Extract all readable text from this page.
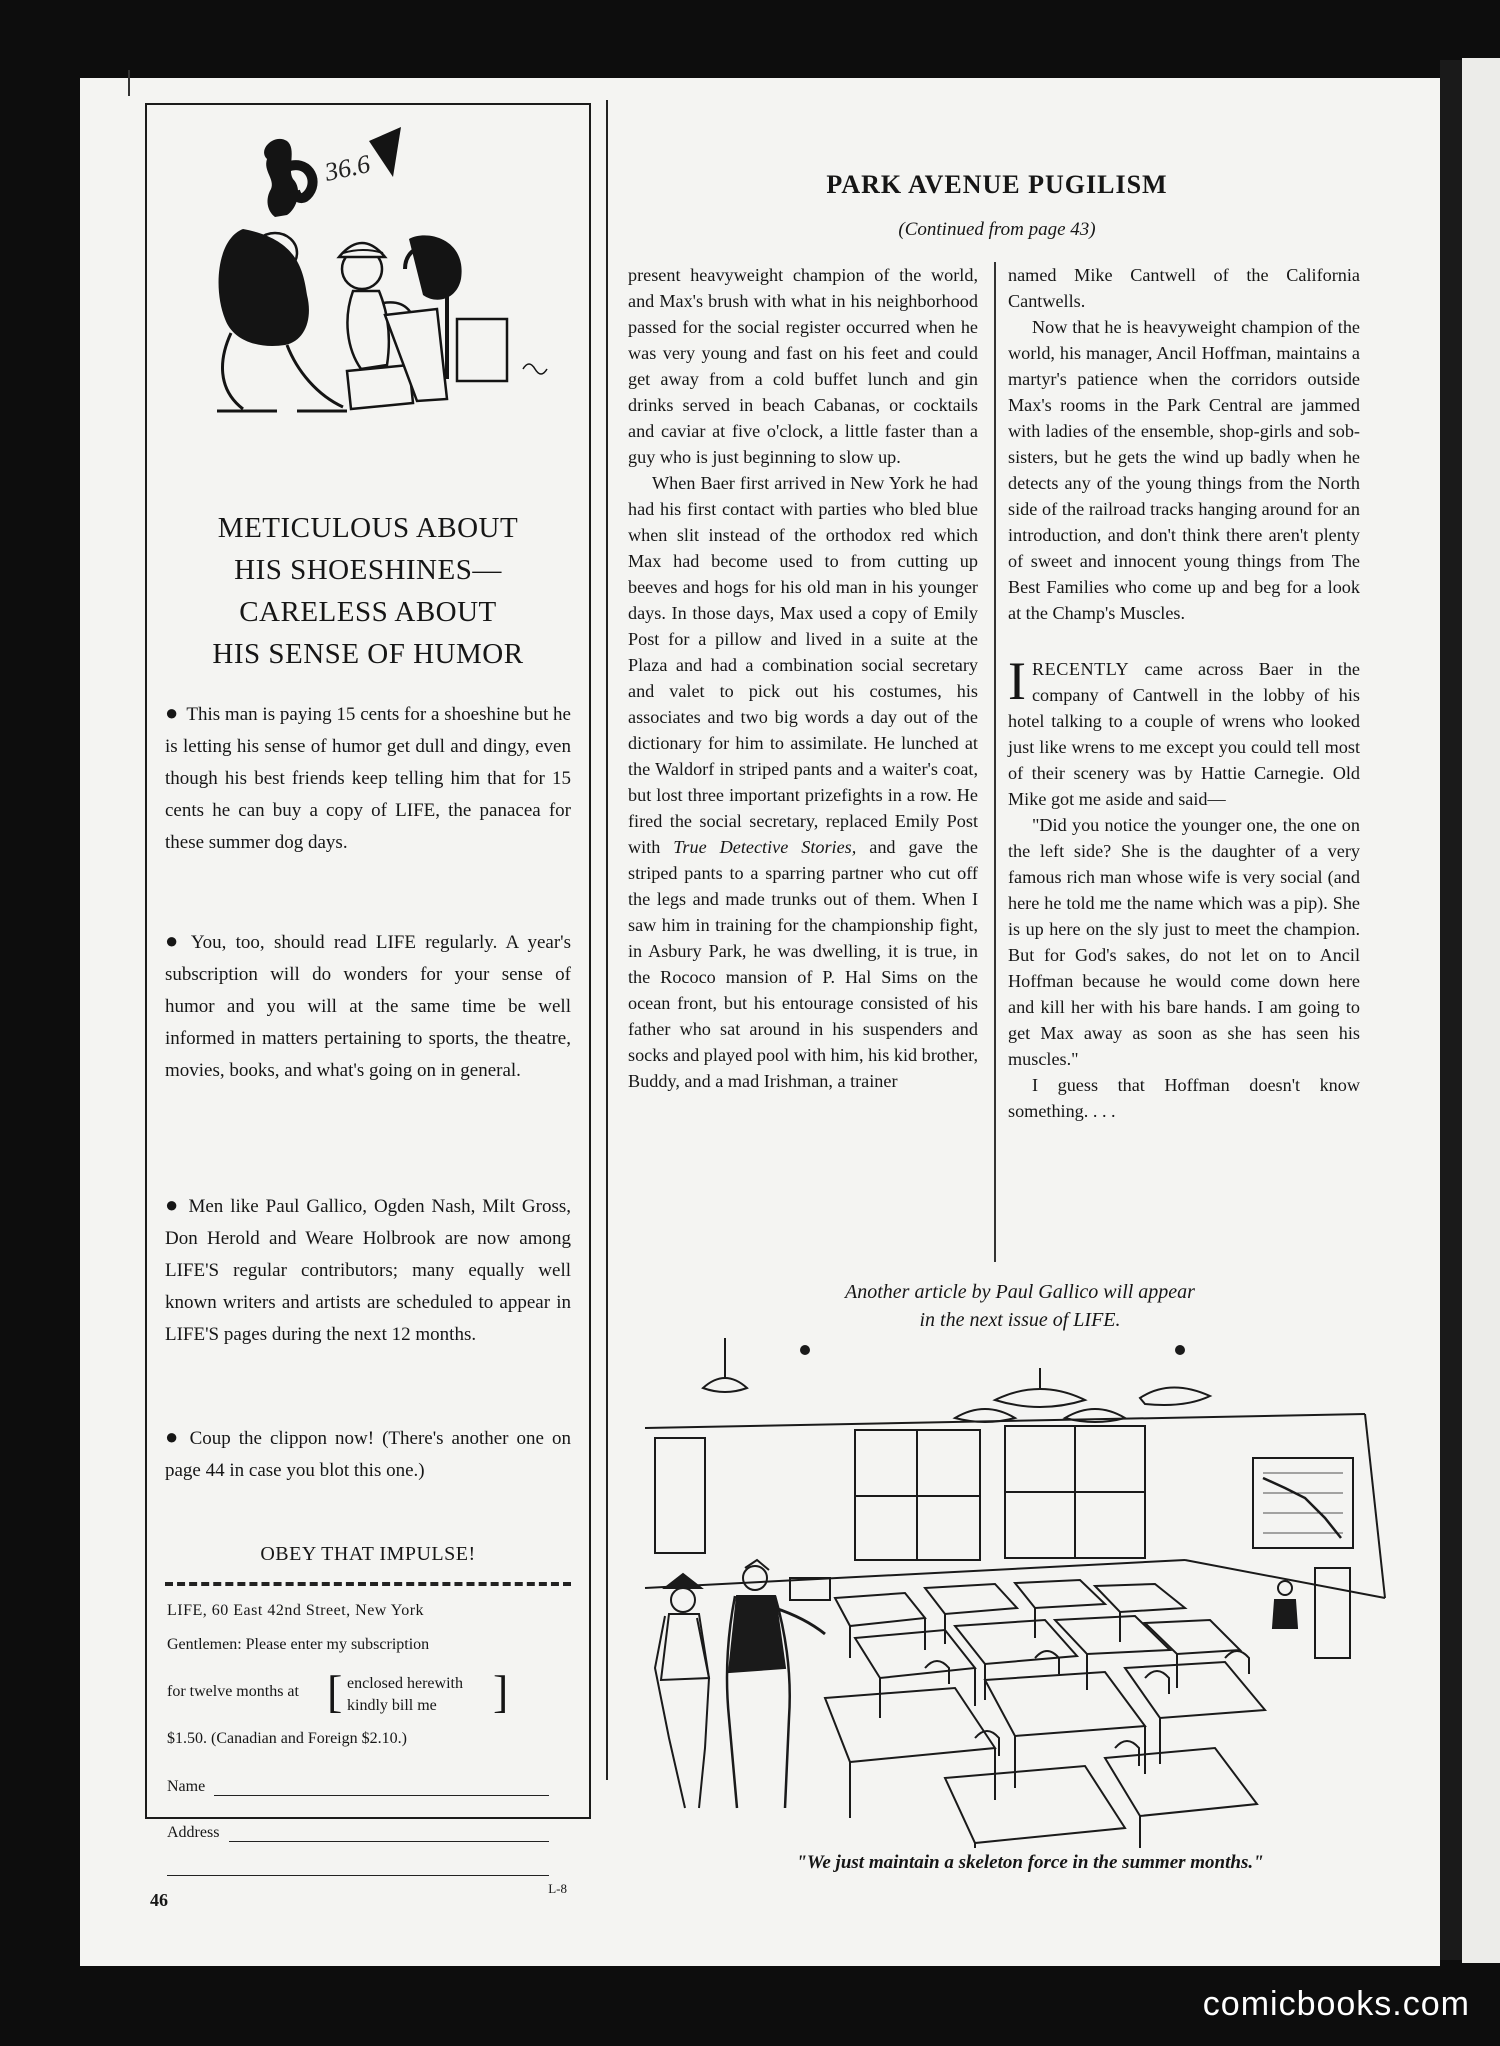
36.6
METICULOUS ABOUT
HIS SHOESHINES—
CARELESS ABOUT
HIS SENSE OF HUMOR
● This man is paying 15 cents for a shoeshine but he is letting his sense of humor get dull and dingy, even though his best friends keep telling him that for 15 cents he can buy a copy of LIFE, the panacea for these summer dog days.
● You, too, should read LIFE regularly. A year's subscription will do wonders for your sense of humor and you will at the same time be well informed in matters pertaining to sports, the theatre, movies, books, and what's going on in general.
● Men like Paul Gallico, Ogden Nash, Milt Gross, Don Herold and Weare Holbrook are now among LIFE'S regular contributors; many equally well known writers and artists are scheduled to appear in LIFE'S pages during the next 12 months.
● Coup the clippon now! (There's another one on page 44 in case you blot this one.)
OBEY THAT IMPULSE!
LIFE, 60 East 42nd Street, New York
Gentlemen: Please enter my subscription
for twelve months at [ enclosed herewith
kindly bill me	]
$1.50. (Canadian and Foreign $2.10.)
Name
Address
L-8
PARK AVENUE PUGILISM
(Continued from page 43)

present heavyweight champion of the world, and Max's brush with what in his neighborhood passed for the social register occurred when he was very young and fast on his feet and could get away from a cold buffet lunch and gin drinks served in beach Cabanas, or cocktails and caviar at five o'clock, a little faster than a guy who is just beginning to slow up.

When Baer first arrived in New York he had had his first contact with parties who bled blue when slit instead of the orthodox red which Max had become used to from cutting up beeves and hogs for his old man in his younger days. In those days, Max used a copy of Emily Post for a pillow and lived in a suite at the Plaza and had a combination social secretary and valet to pick out his costumes, his associates and two big words a day out of the dictionary for him to assimilate. He lunched at the Waldorf in striped pants and a waiter's coat, but lost three important prizefights in a row. He fired the social secretary, replaced Emily Post with True Detective Stories, and gave the striped pants to a sparring partner who cut off the legs and made trunks out of them. When I saw him in training for the championship fight, in Asbury Park, he was dwelling, it is true, in the Rococo mansion of P. Hal Sims on the ocean front, but his entourage consisted of his father who sat around in his suspenders and socks and played pool with him, his kid brother, Buddy, and a mad Irishman, a trainer

named Mike Cantwell of the California Cantwells.

Now that he is heavyweight champion of the world, his manager, Ancil Hoffman, maintains a martyr's patience when the corridors outside Max's rooms in the Park Central are jammed with ladies of the ensemble, shop-girls and sob-sisters, but he gets the wind up badly when he detects any of the young things from the North side of the railroad tracks hanging around for an introduction, and don't think there aren't plenty of sweet and innocent young things from The Best Families who come up and beg for a look at the Champ's Muscles.

IRECENTLY came across Baer in the company of Cantwell in the lobby of his hotel talking to a couple of wrens who looked just like wrens to me except you could tell most of their scenery was by Hattie Carnegie. Old Mike got me aside and said—

"Did you notice the younger one, the one on the left side? She is the daughter of a very famous rich man whose wife is very social (and here he told me the name which was a pip). She is up here on the sly just to meet the champion. But for God's sakes, do not let on to Ancil Hoffman because he would come down here and kill her with his bare hands. I am going to get Max away as soon as she has seen his muscles."

I guess that Hoffman doesn't know something. . . .

Another article by Paul Gallico will appear
in the next issue of LIFE.
"We just maintain a skeleton force in the summer months."
46
comicbooks.com
